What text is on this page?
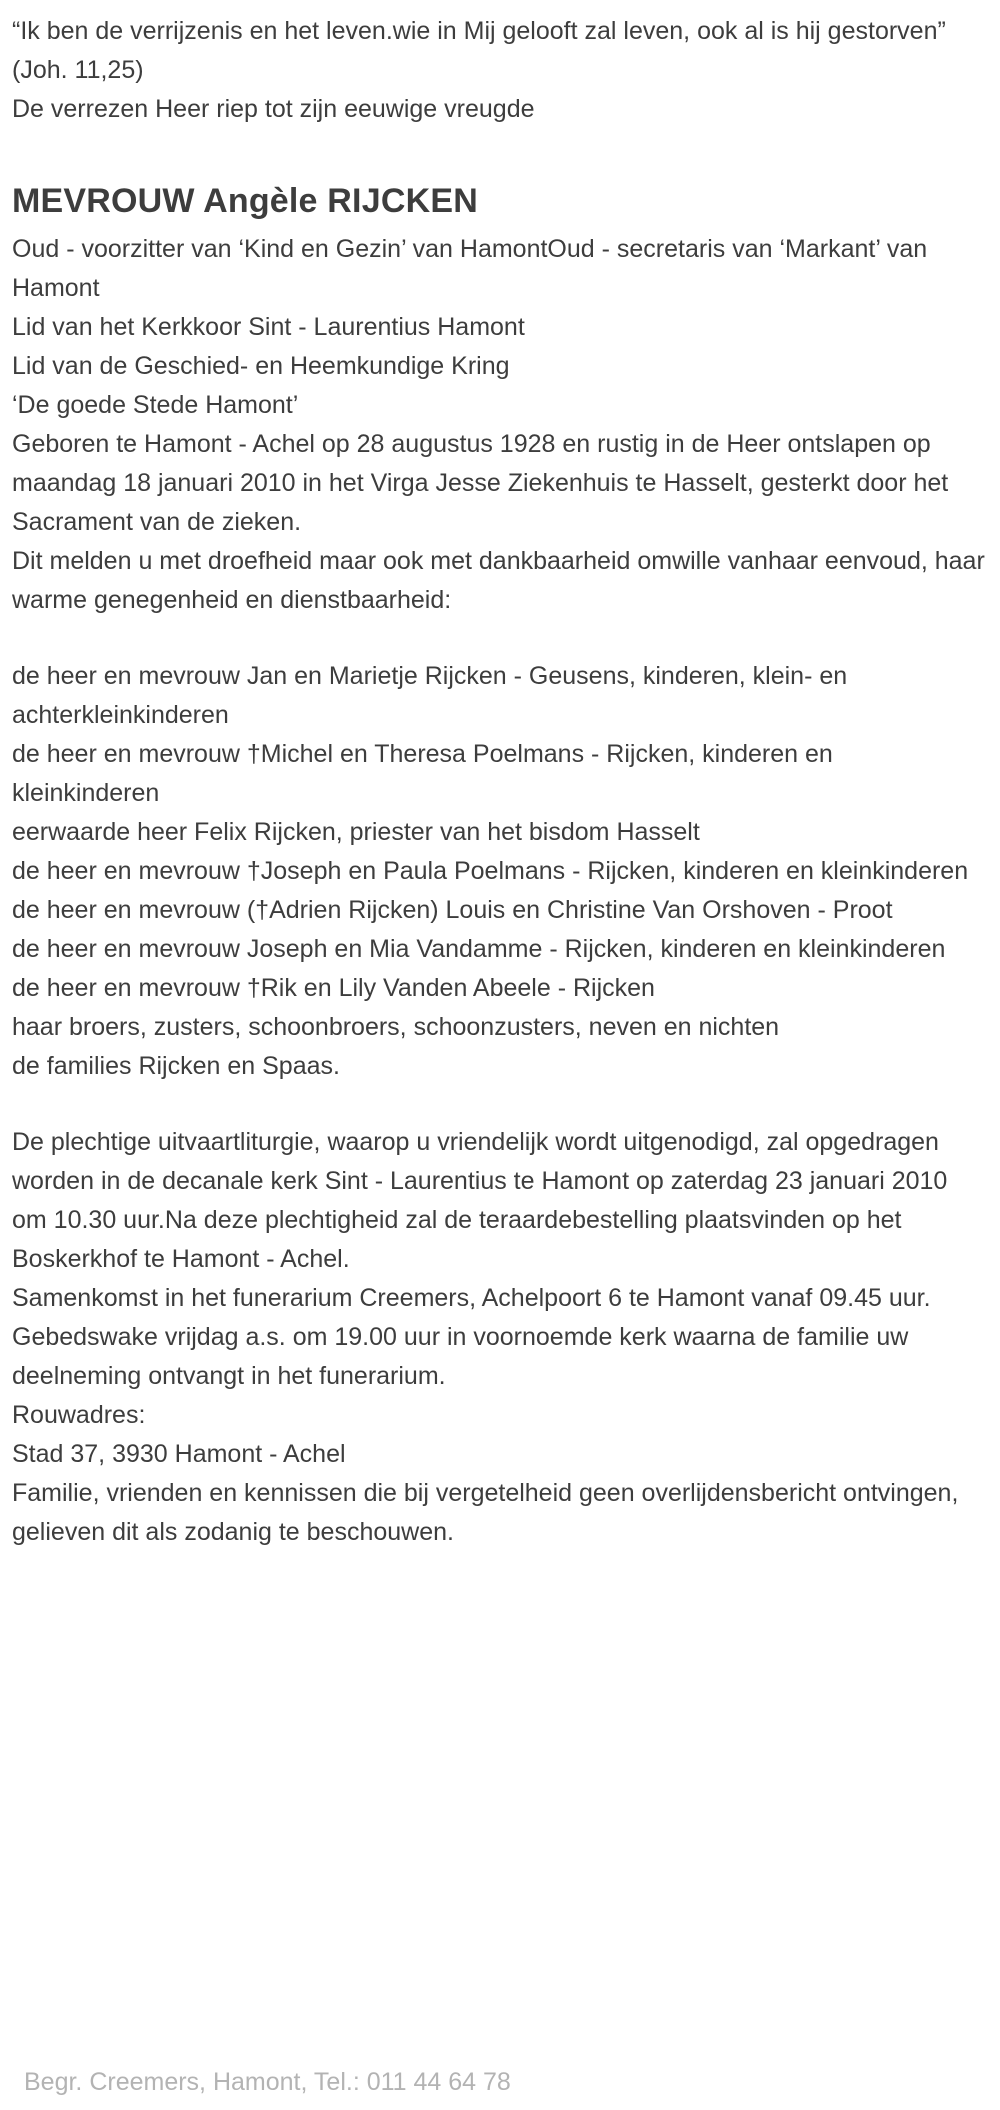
“Ik ben de verrijzenis en het leven.wie in Mij gelooft zal leven, ook al is hij gestorven”

(Joh. 11,25)

De verrezen Heer riep tot zijn eeuwige vreugde

MEVROUW Angèle RIJCKEN

Oud - voorzitter van ‘Kind en Gezin’ van HamontOud - secretaris van ‘Markant’ van Hamont

Lid van het Kerkkoor Sint - Laurentius Hamont

Lid van de Geschied- en Heemkundige Kring

‘De goede Stede Hamont’

Geboren te Hamont - Achel op 28 augustus 1928 en rustig in de Heer ontslapen op maandag 18 januari 2010 in het Virga Jesse Ziekenhuis te Hasselt, gesterkt door het Sacrament van de zieken.

Dit melden u met droefheid maar ook met dankbaarheid omwille vanhaar eenvoud, haar warme genegenheid en dienstbaarheid:

de heer en mevrouw Jan en Marietje Rijcken - Geusens, kinderen, klein- en achterkleinkinderen

de heer en mevrouw †Michel en Theresa Poelmans - Rijcken, kinderen en kleinkinderen

eerwaarde heer Felix Rijcken, priester van het bisdom Hasselt

de heer en mevrouw †Joseph en Paula Poelmans - Rijcken, kinderen en kleinkinderen

de heer en mevrouw (†Adrien Rijcken) Louis en Christine Van Orshoven - Proot

de heer en mevrouw Joseph en Mia Vandamme - Rijcken, kinderen en kleinkinderen

de heer en mevrouw †Rik en Lily Vanden Abeele - Rijcken

haar broers, zusters, schoonbroers, schoonzusters, neven en nichten

de families Rijcken en Spaas.

De plechtige uitvaartliturgie, waarop u vriendelijk wordt uitgenodigd, zal opgedragen worden in de decanale kerk Sint - Laurentius te Hamont op zaterdag 23 januari 2010 om 10.30 uur.Na deze plechtigheid zal de teraardebestelling plaatsvinden op het Boskerkhof te Hamont - Achel.

Samenkomst in het funerarium Creemers, Achelpoort 6 te Hamont vanaf 09.45 uur.

Gebedswake vrijdag a.s. om 19.00 uur in voornoemde kerk waarna de familie uw deelneming ontvangt in het funerarium.

Rouwadres:

Stad 37, 3930 Hamont - Achel

Familie, vrienden en kennissen die bij vergetelheid geen overlijdensbericht ontvingen, gelieven dit als zodanig te beschouwen.

Begr. Creemers, Hamont, Tel.: 011 44 64 78
